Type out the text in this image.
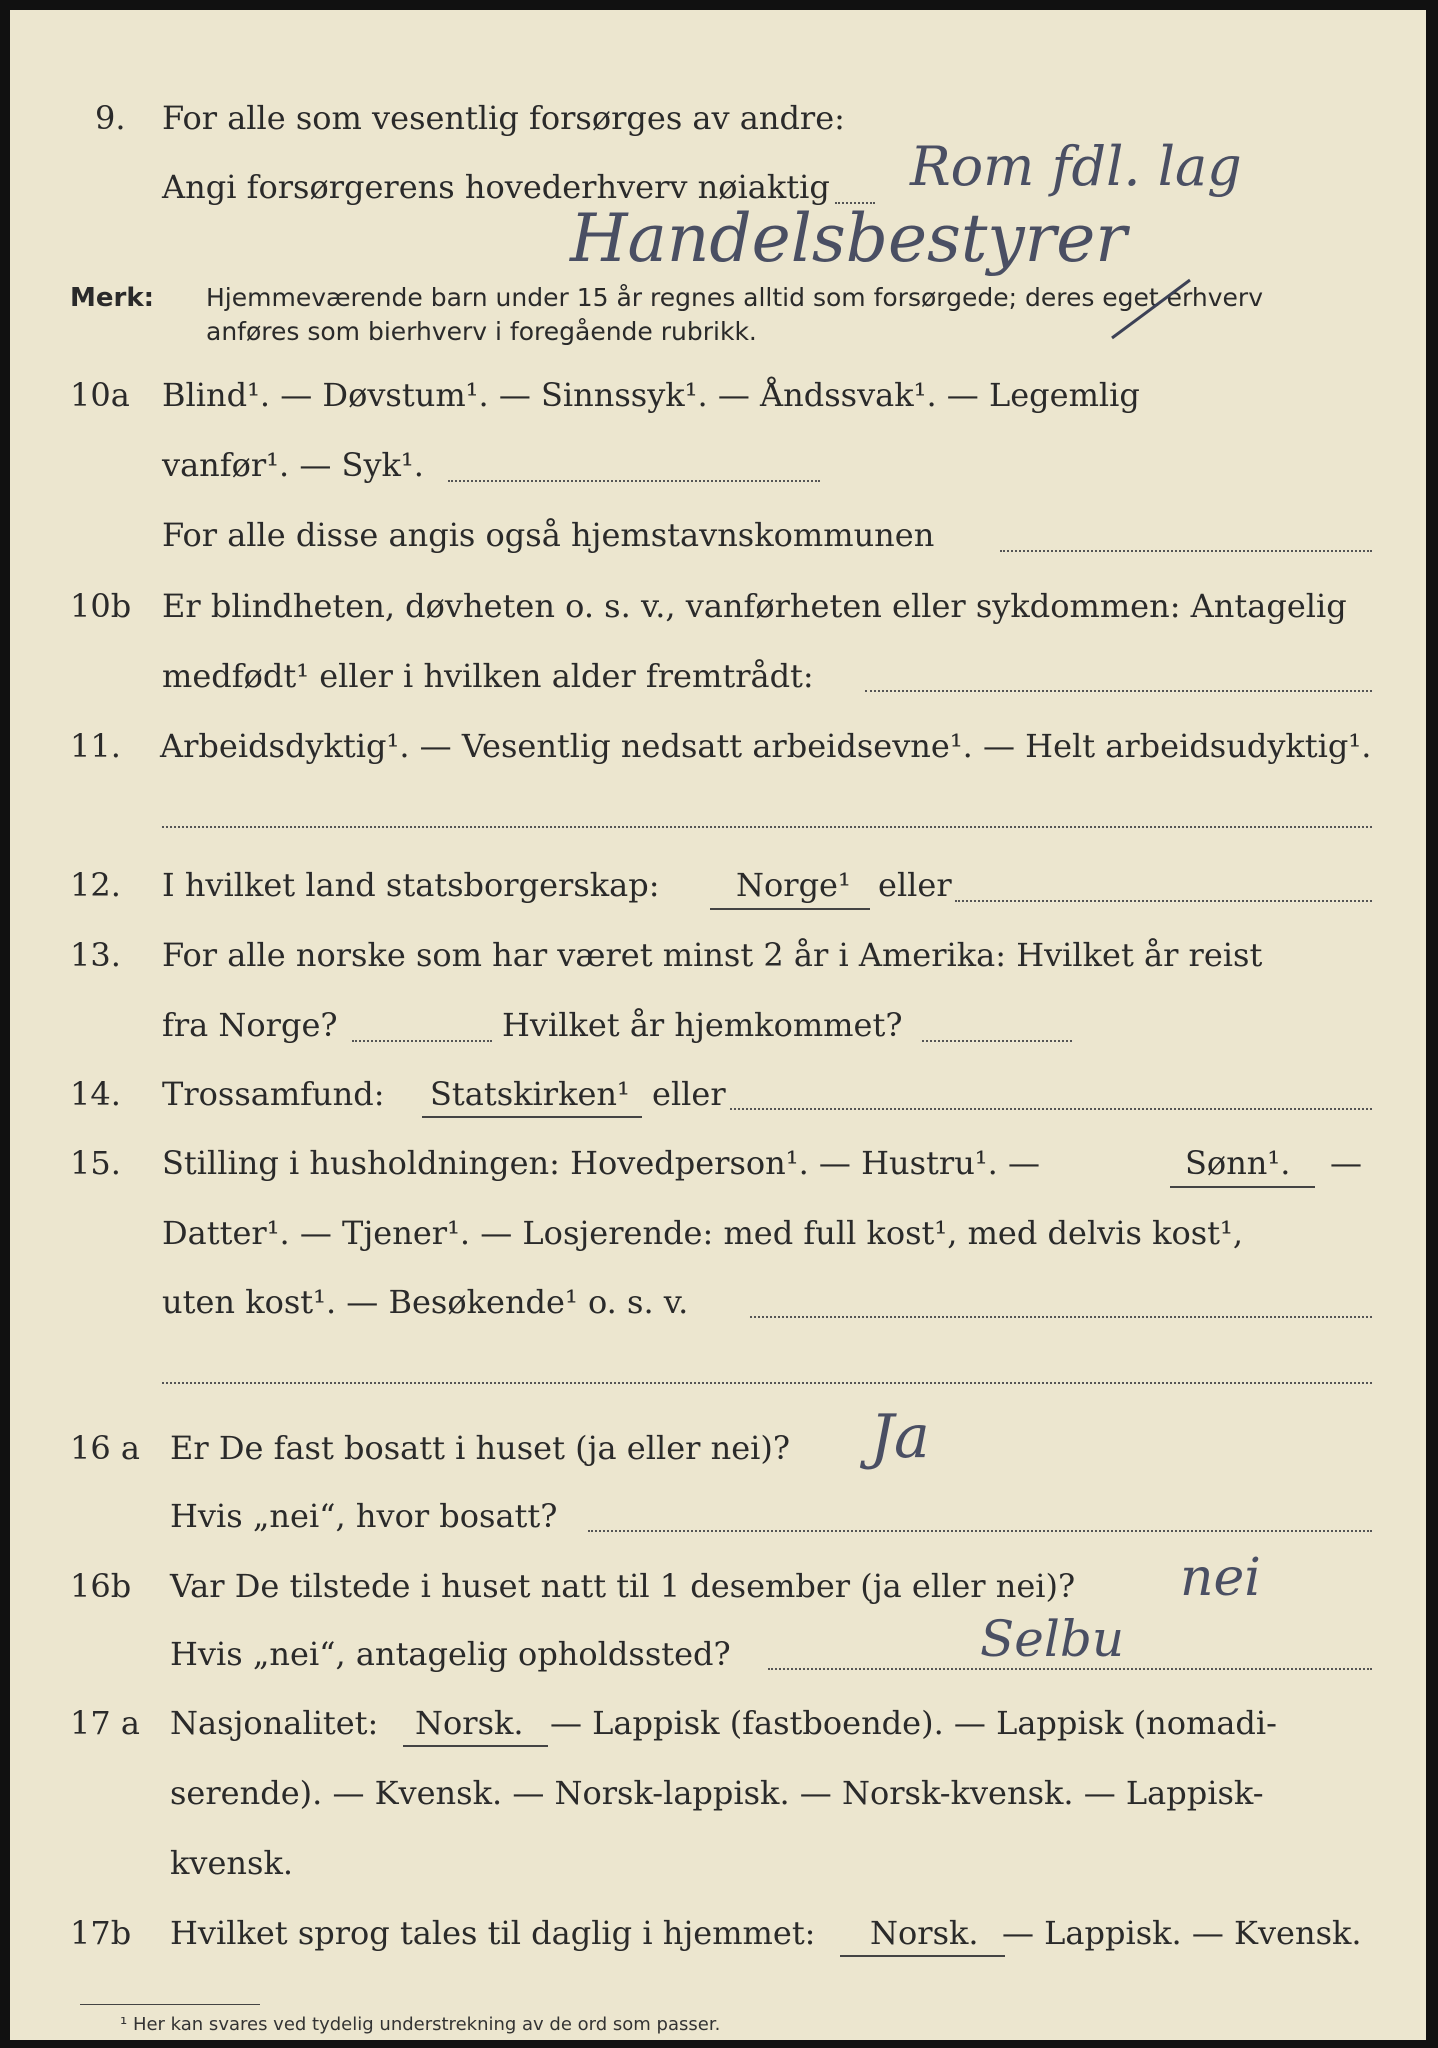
9. For alle som vesentlig forsørges av andre:
Angi forsørgerens hovederhverv nøiaktig Rom fdl. lag
Handelsbestyrer
Merk: Hjemmeværende barn under 15 år regnes alltid som forsørgede; deres eget erhverv
anføres som bierhverv i foregående rubrikk.
10a Blind¹. — Døvstum¹. — Sinnssyk¹. — Åndssvak¹. — Legemlig
vanfør¹. — Syk¹.
For alle disse angis også hjemstavnskommunen
10b Er blindheten, døvheten o. s. v., vanførheten eller sykdommen: Antagelig
medfødt¹ eller i hvilken alder fremtrådt:
11. Arbeidsdyktig¹. — Vesentlig nedsatt arbeidsevne¹. — Helt arbeidsudyktig¹.
12. I hvilket land statsborgerskap: Norge¹ eller
13. For alle norske som har været minst 2 år i Amerika: Hvilket år reist
fra Norge?	Hvilket år hjemkommet?
14. Trossamfund: Statskirken¹ eller
15. Stilling i husholdningen: Hovedperson¹. — Hustru¹. —	Sønn¹. —
Datter¹. — Tjener¹. — Losjerende: med full kost¹, med delvis kost¹,
uten kost¹. — Besøkende¹ o. s. v.
16 a Er De fast bosatt i huset (ja eller nei)? Ja
Hvis „nei“, hvor bosatt?
16b Var De tilstede i huset natt til 1 desember (ja eller nei)? nei
Hvis „nei“, antagelig opholdssted?	Selbu
17 a Nasjonalitet: Norsk. — Lappisk (fastboende). — Lappisk (nomadi-
serende). — Kvensk. — Norsk-lappisk. — Norsk-kvensk. — Lappisk-
kvensk.
17b Hvilket sprog tales til daglig i hjemmet: Norsk. — Lappisk. — Kvensk.
¹ Her kan svares ved tydelig understrekning av de ord som passer.
